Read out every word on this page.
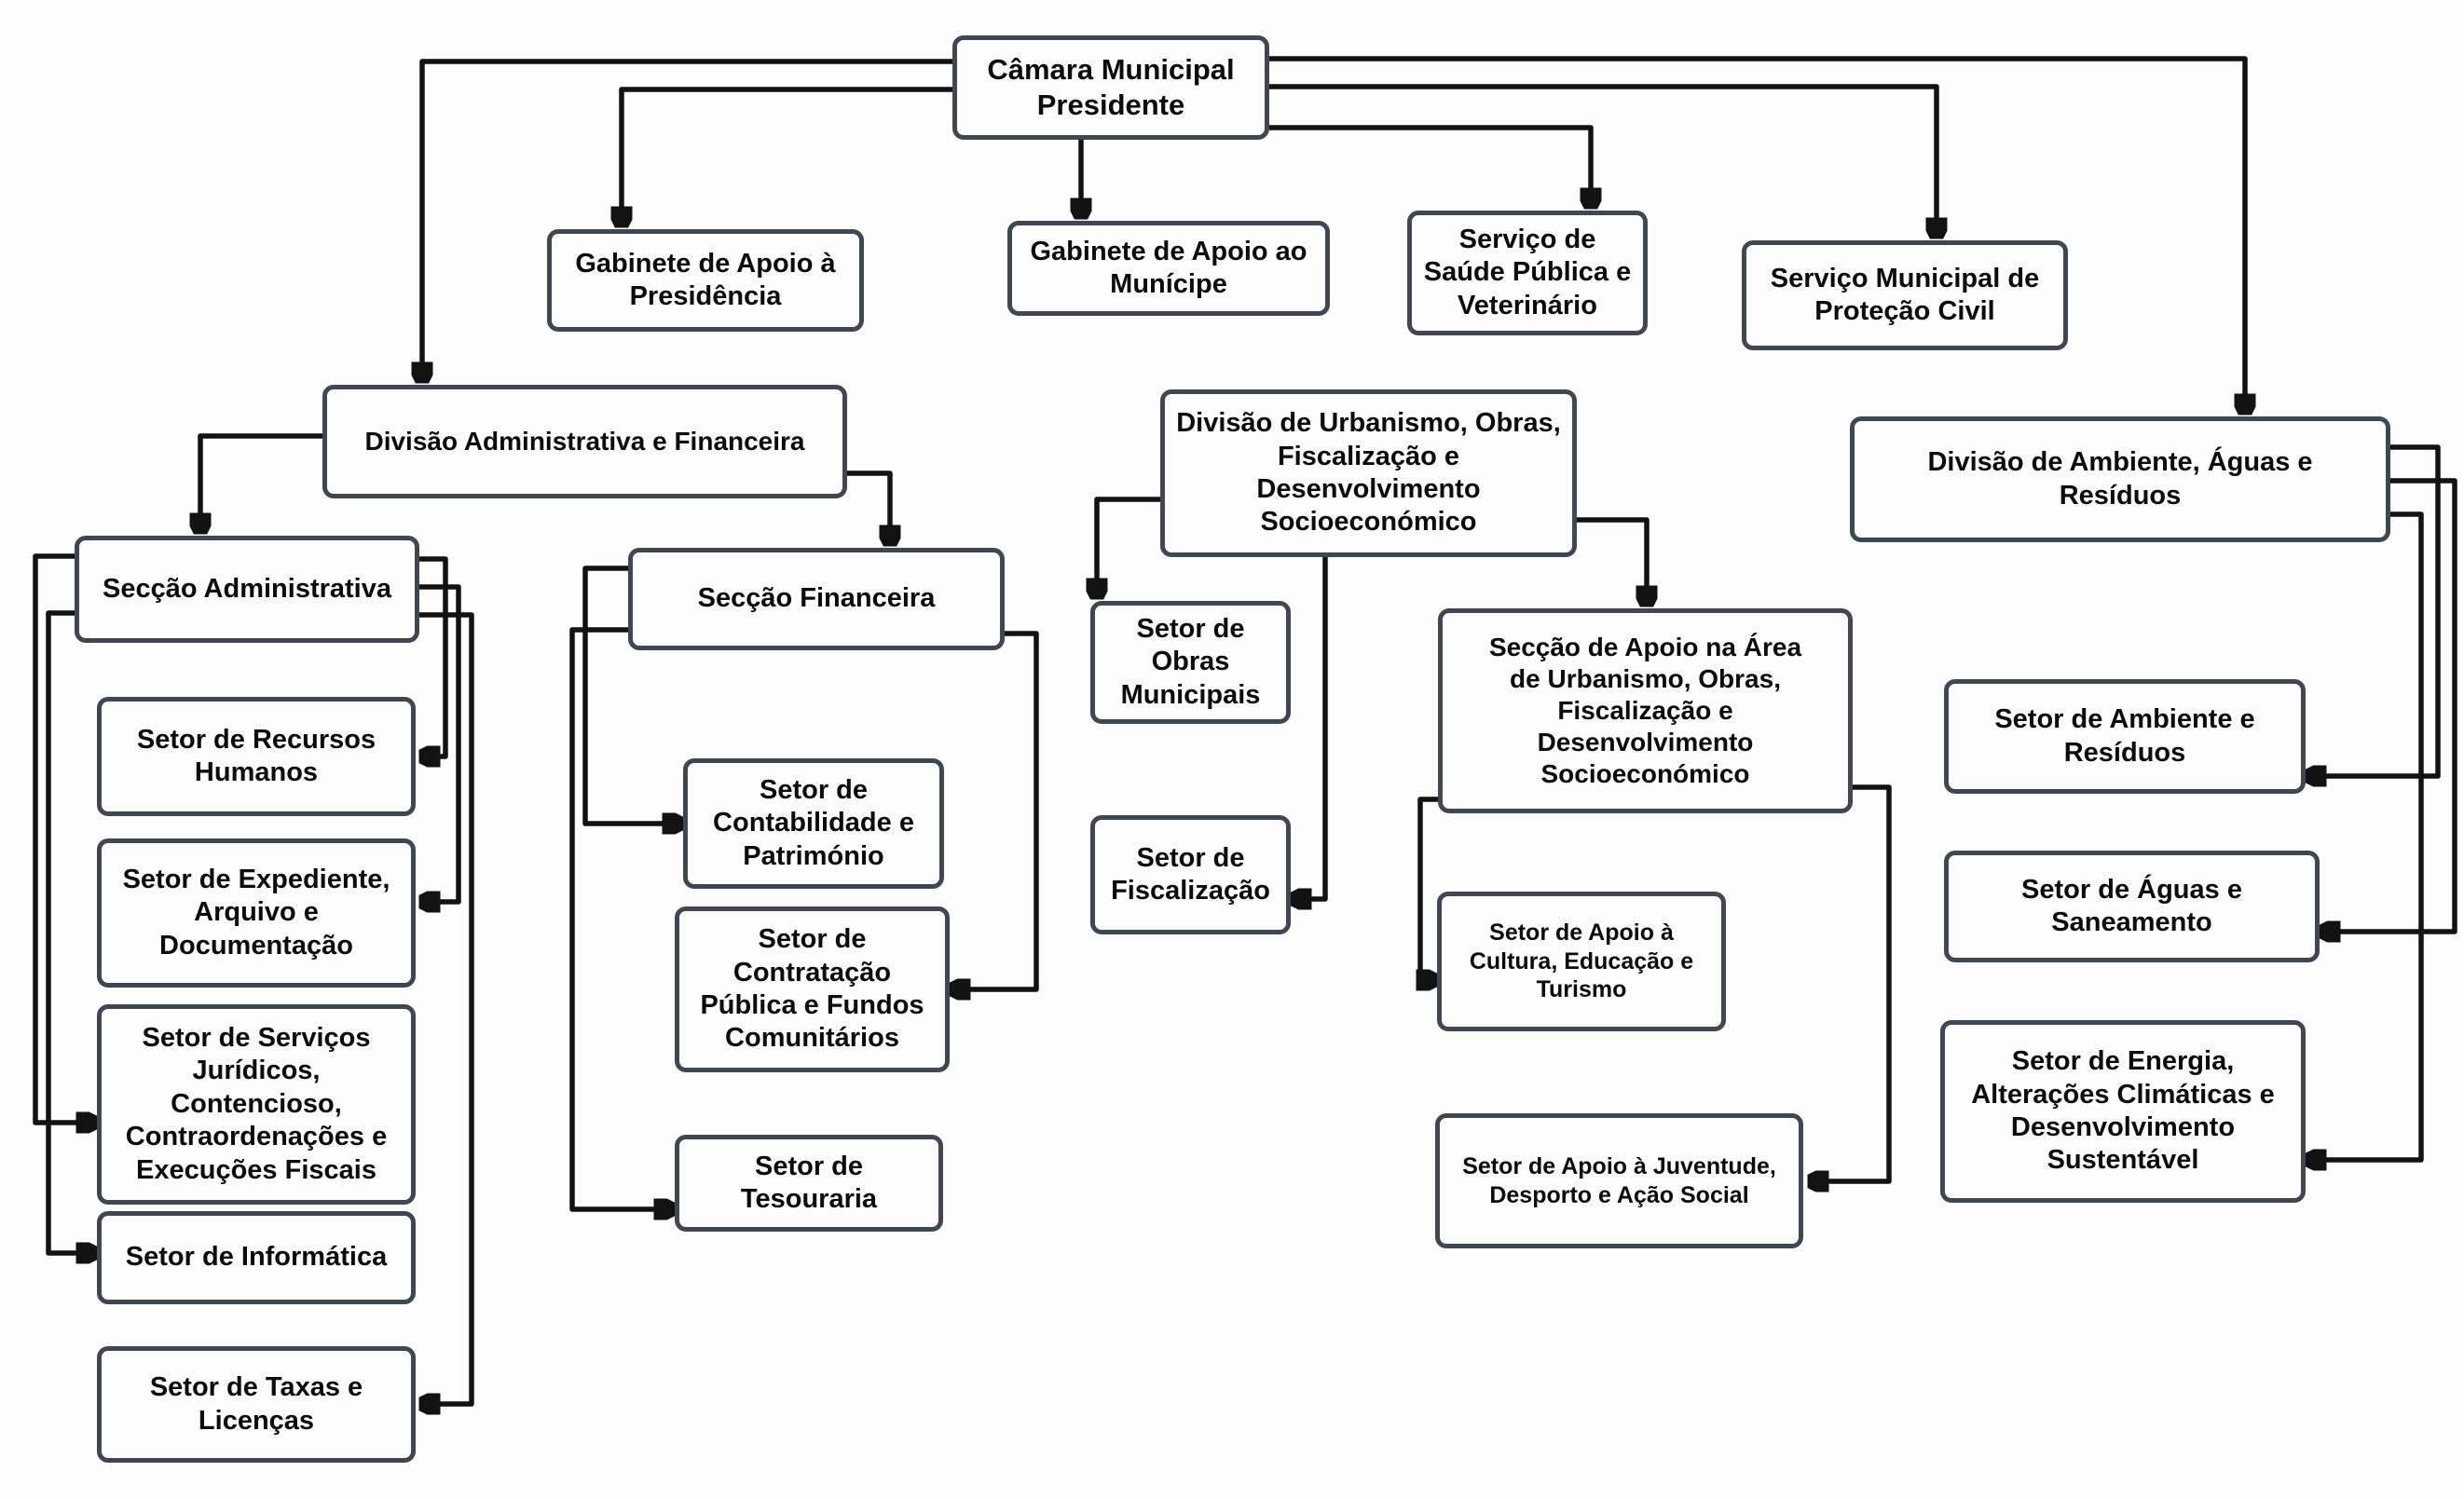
Câmara Municipal Presidente
Gabinete de Apoio à Presidência
Gabinete de Apoio ao Munícipe
Serviço de Saúde Pública e Veterinário
Serviço Municipal de Proteção Civil
Divisão Administrativa e Financeira
Divisão de Urbanismo, Obras, Fiscalização e Desenvolvimento Socioeconómico
Divisão de Ambiente, Águas e Resíduos
Secção Administrativa	Secção Financeira
Setor de Recursos Humanos
Setor de Expediente, Arquivo e Documentação
Setor de Serviços Jurídicos, Contencioso, Contraordenações e Execuções Fiscais
Setor de Informática
Setor de Taxas e Licenças
Setor de Contabilidade e Património
Setor de Contratação Pública e Fundos Comunitários
Setor de Tesouraria
Setor de Obras Municipais
Setor de Fiscalização
Secção de Apoio na Área de Urbanismo, Obras, Fiscalização e Desenvolvimento Socioeconómico
Setor de Apoio à Cultura, Educação e Turismo
Setor de Apoio à Juventude, Desporto e Ação Social
Setor de Ambiente e Resíduos
Setor de Águas e Saneamento
Setor de Energia, Alterações Climáticas e Desenvolvimento Sustentável
